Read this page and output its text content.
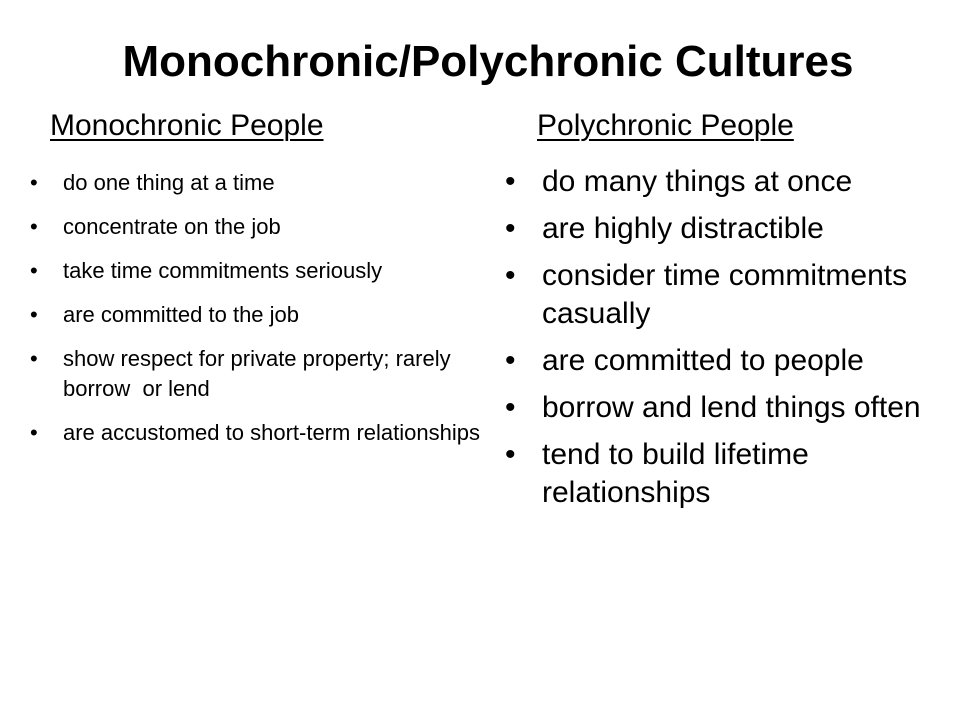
Monochronic/Polychronic Cultures
Monochronic People	Polychronic People
• do one thing at a time
• concentrate on the job
• take time commitments seriously
• are committed to the job
• show respect for private property; rarely borrow  or lend
• are accustomed to short-term relationships
• do many things at once
• are highly distractible
• consider time commitments casually
• are committed to people
• borrow and lend things often
• tend to build lifetime relationships
